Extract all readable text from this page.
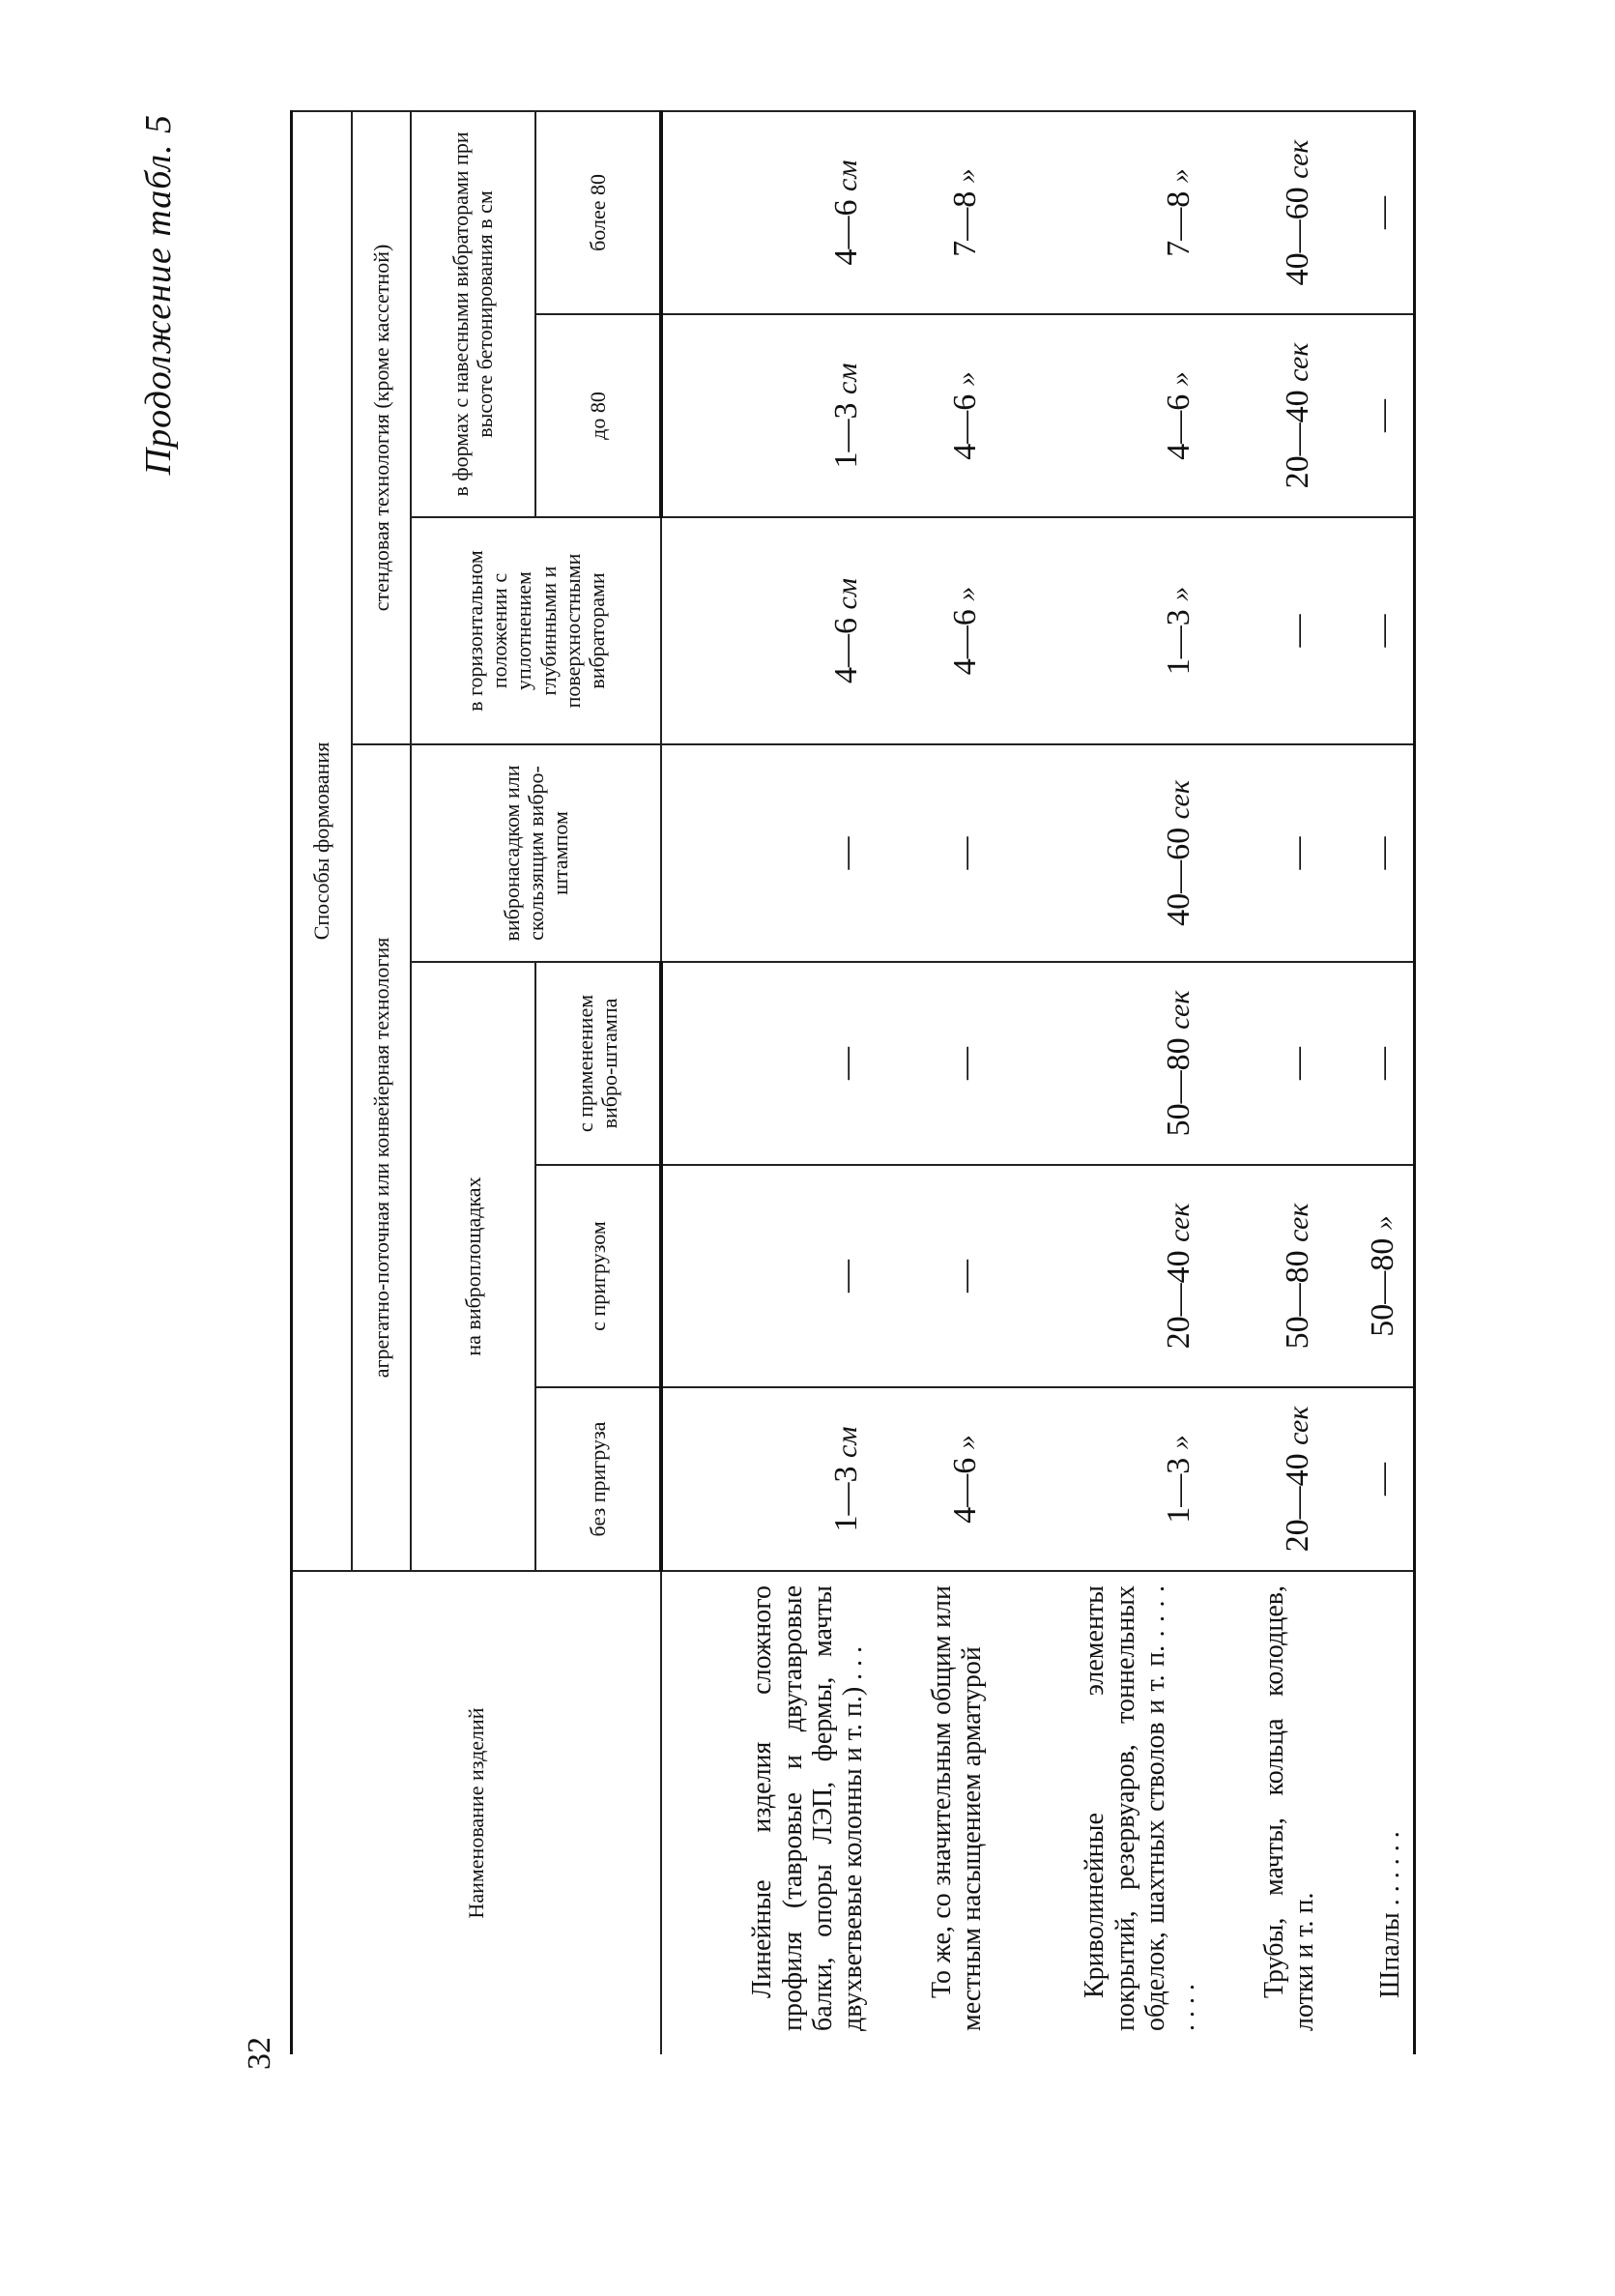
32
Продолжение табл. 5
Наименование изделий	Способы формования						
	агрегатно-поточная или конвейерная технология				стендовая технология (кроме кассетной)		
	на виброплощадках			вибронасадком или скользящим вибро-штампом	в горизонтальном положении с уплотнением глубинными и поверхностными вибраторами	в формах с навесными вибраторами при высоте бетонирования в см	
	без пригруза	с пригрузом	с применением вибро-штампа			до 80	более 80

Линейные изделия сложного профиля (тавровые и двутавровые балки, опоры ЛЭП, фермы, мачты двухветвевые колонны и т. п.) . . .	1—3 см	—	—	—	4—6 см	1—3 см	4—6 см

То же, со значительным общим или местным насыщением арматурой	4—6 »	—	—	—	4—6 »	4—6 »	7—8 »

Криволинейные элементы покрытий, резервуаров, тоннельных обделок, шахтных стволов и т. п. . . . . . . . .	1—3 »	20—40 сек	50—80 сек	40—60 сек	1—3 »	4—6 »	7—8 »

Трубы, мачты, кольца колодцев, лотки и т. п.	20—40 сек	50—80 сек	—	—	—	20—40 сек	40—60 сек

Шпалы . . . . . .	—	50—80 »	—	—	—	—	—
